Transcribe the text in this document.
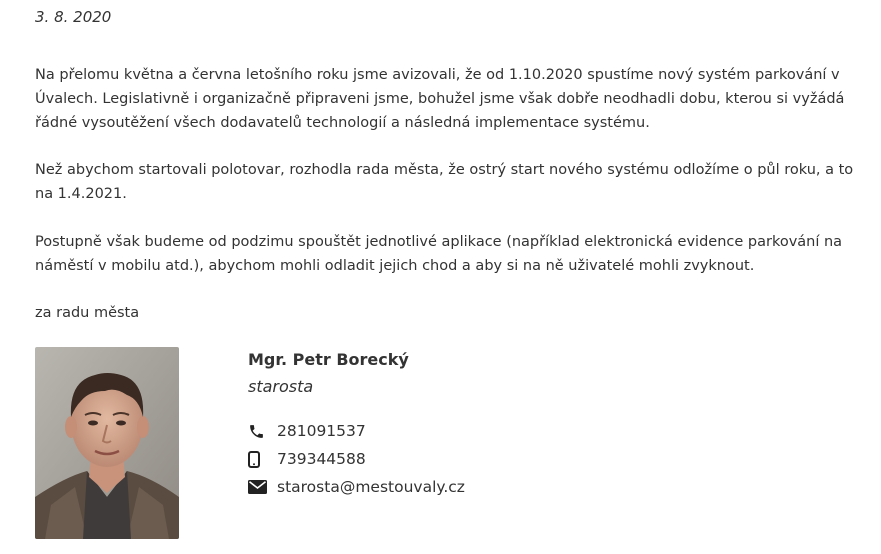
3. 8. 2020

Na přelomu května a června letošního roku jsme avizovali, že od 1.10.2020 spustíme nový systém parkování v Úvalech. Legislativně i organizačně připraveni jsme, bohužel jsme však dobře neodhadli dobu, kterou si vyžádá řádné vysoutěžení všech dodavatelů technologií a následná implementace systému.

Než abychom startovali polotovar, rozhodla rada města, že ostrý start nového systému odložíme o půl roku, a to na 1.4.2021.

Postupně však budeme od podzimu spouštět jednotlivé aplikace (například elektronická evidence parkování na náměstí v mobilu atd.), abychom mohli odladit jejich chod a aby si na ně uživatelé mohli zvyknout.

za radu města

Mgr. Petr Borecký
starosta
281091537
739344588
starosta@mestouvaly.cz
